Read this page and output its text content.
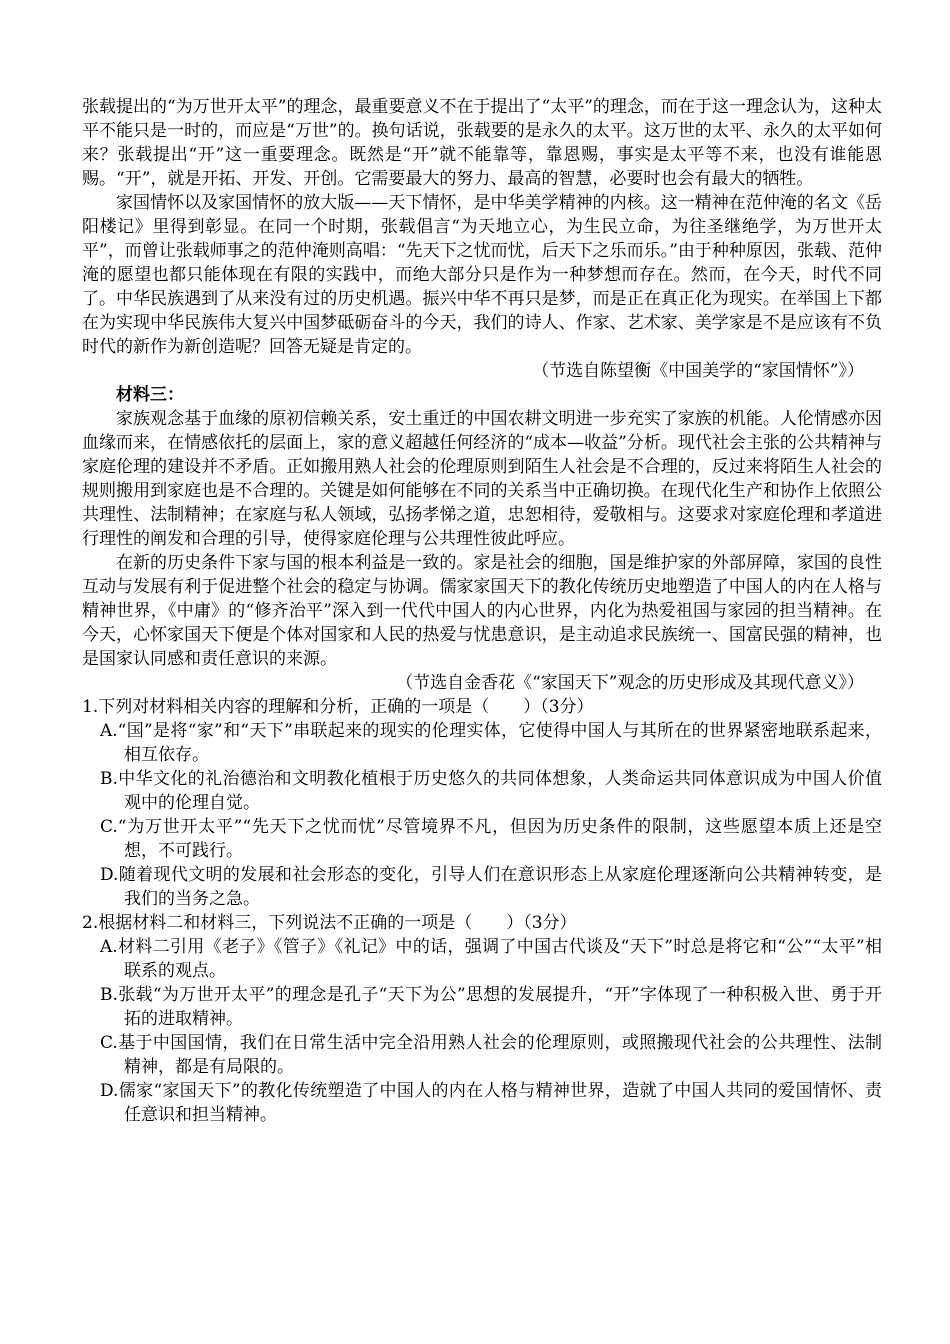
张载提出的“为万世开太平”的理念，最重要意义不在于提出了“太平”的理念，而在于这一理念认为，这种太平不能只是一时的，而应是“万世”的。换句话说，张载要的是永久的太平。这万世的太平、永久的太平如何来？张载提出“开”这一重要理念。既然是“开”就不能靠等，靠恩赐，事实是太平等不来，也没有谁能恩赐。“开”，就是开拓、开发、开创。它需要最大的努力、最高的智慧，必要时也会有最大的牺牲。

家国情怀以及家国情怀的放大版——天下情怀，是中华美学精神的内核。这一精神在范仲淹的名文《岳阳楼记》里得到彰显。在同一个时期，张载倡言“为天地立心，为生民立命，为往圣继绝学，为万世开太平”，而曾让张载师事之的范仲淹则高唱：“先天下之忧而忧，后天下之乐而乐。”由于种种原因，张载、范仲淹的愿望也都只能体现在有限的实践中，而绝大部分只是作为一种梦想而存在。然而，在今天，时代不同了。中华民族遇到了从来没有过的历史机遇。振兴中华不再只是梦，而是正在真正化为现实。在举国上下都在为实现中华民族伟大复兴中国梦砥砺奋斗的今天，我们的诗人、作家、艺术家、美学家是不是应该有不负时代的新作为新创造呢？回答无疑是肯定的。

（节选自陈望衡《中国美学的“家国情怀”》）

材料三：

家族观念基于血缘的原初信赖关系，安土重迁的中国农耕文明进一步充实了家族的机能。人伦情感亦因血缘而来，在情感依托的层面上，家的意义超越任何经济的“成本—收益”分析。现代社会主张的公共精神与家庭伦理的建设并不矛盾。正如搬用熟人社会的伦理原则到陌生人社会是不合理的，反过来将陌生人社会的规则搬用到家庭也是不合理的。关键是如何能够在不同的关系当中正确切换。在现代化生产和协作上依照公共理性、法制精神；在家庭与私人领域，弘扬孝悌之道，忠恕相待，爱敬相与。这要求对家庭伦理和孝道进行理性的阐发和合理的引导，使得家庭伦理与公共理性彼此呼应。

在新的历史条件下家与国的根本利益是一致的。家是社会的细胞，国是维护家的外部屏障，家国的良性互动与发展有利于促进整个社会的稳定与协调。儒家家国天下的教化传统历史地塑造了中国人的内在人格与精神世界，《中庸》的“修齐治平”深入到一代代中国人的内心世界，内化为热爱祖国与家园的担当精神。在今天，心怀家国天下便是个体对国家和人民的热爱与忧患意识，是主动追求民族统一、国富民强的精神，也是国家认同感和责任意识的来源。

（节选自金香花《“家国天下”观念的历史形成及其现代意义》）

1.下列对材料相关内容的理解和分析，正确的一项是（　　）（3分）

A.“国”是将“家”和“天下”串联起来的现实的伦理实体，它使得中国人与其所在的世界紧密地联系起来，相互依存。

B.中华文化的礼治德治和文明教化植根于历史悠久的共同体想象，人类命运共同体意识成为中国人价值观中的伦理自觉。

C.“为万世开太平”“先天下之忧而忧”尽管境界不凡，但因为历史条件的限制，这些愿望本质上还是空想，不可践行。

D.随着现代文明的发展和社会形态的变化，引导人们在意识形态上从家庭伦理逐渐向公共精神转变，是我们的当务之急。

2.根据材料二和材料三，下列说法不正确的一项是（　　）（3分）

A.材料二引用《老子》《管子》《礼记》中的话，强调了中国古代谈及“天下”时总是将它和“公”“太平”相联系的观点。

B.张载“为万世开太平”的理念是孔子“天下为公”思想的发展提升，“开”字体现了一种积极入世、勇于开拓的进取精神。

C.基于中国国情，我们在日常生活中完全沿用熟人社会的伦理原则，或照搬现代社会的公共理性、法制精神，都是有局限的。

D.儒家“家国天下”的教化传统塑造了中国人的内在人格与精神世界，造就了中国人共同的爱国情怀、责任意识和担当精神。
